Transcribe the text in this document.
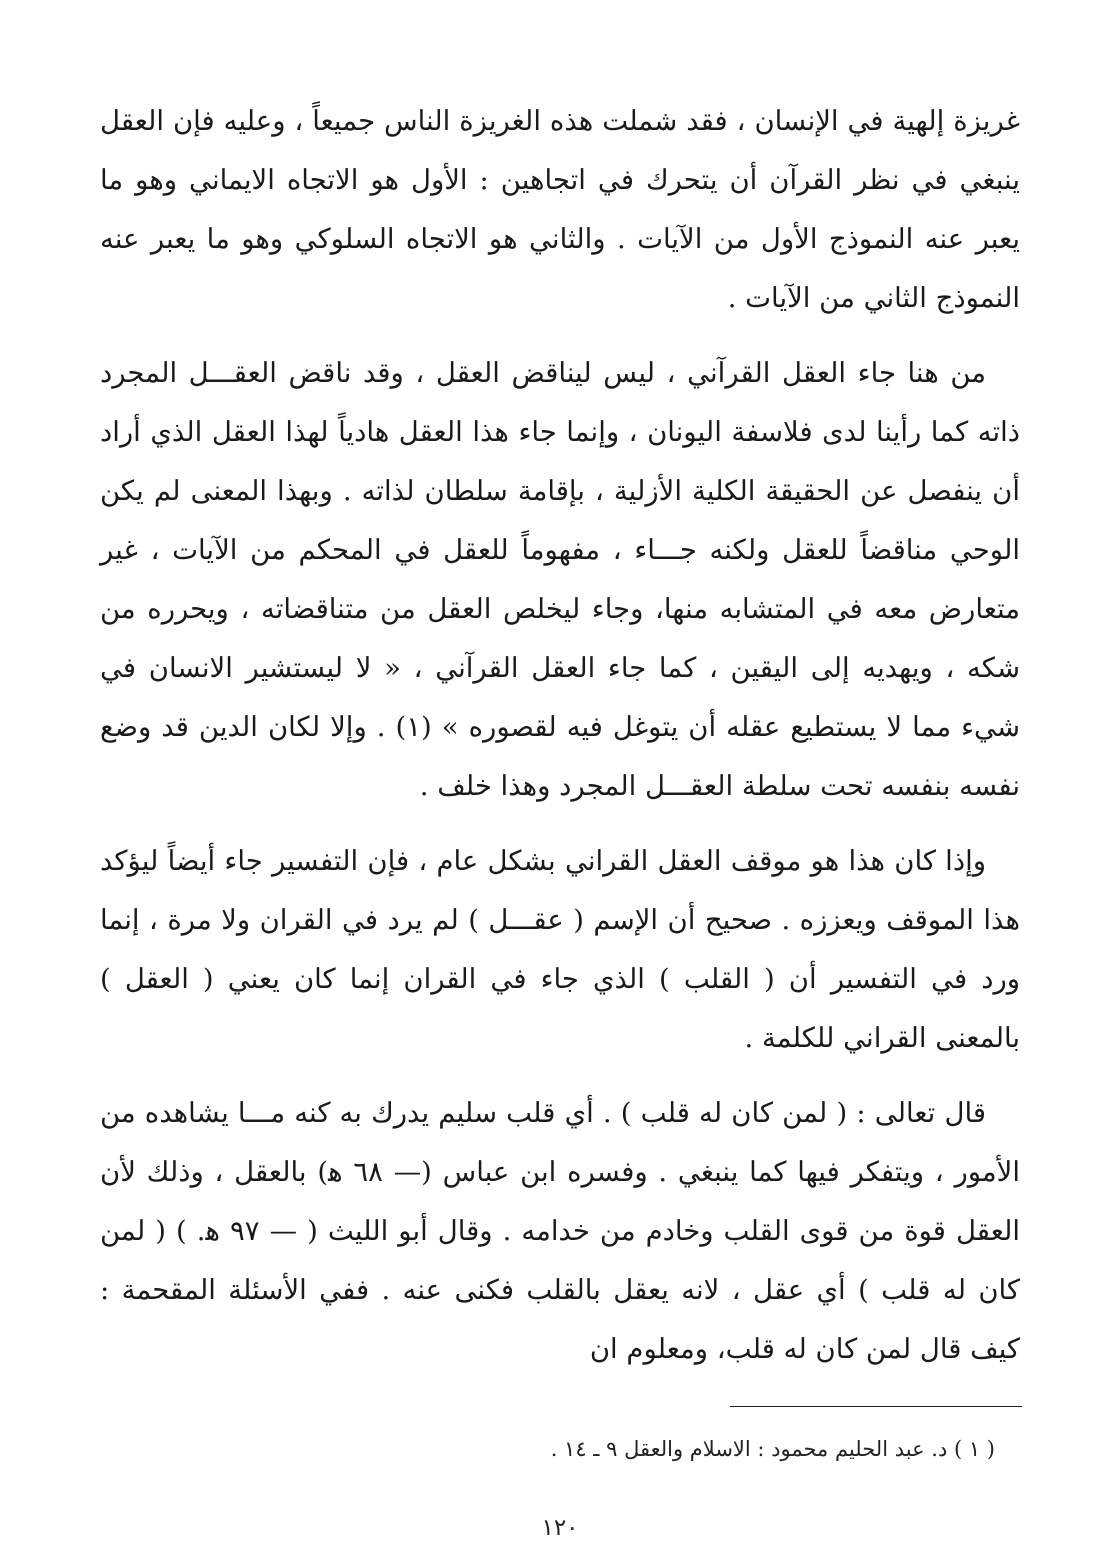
غريزة إلهية في الإنسان ، فقد شملت هذه الغريزة الناس جميعاً ، وعليه فإن العقل ينبغي في نظر القرآن أن يتحرك في اتجاهين : الأول هو الاتجاه الايماني وهو ما يعبر عنه النموذج الأول من الآيات . والثاني هو الاتجاه السلوكي وهو ما يعبر عنه النموذج الثاني من الآيات .

من هنا جاء العقل القرآني ، ليس ليناقض العقل ، وقد ناقض العقـــل المجرد ذاته كما رأينا لدى فلاسفة اليونان ، وإنما جاء هذا العقل هادياً لهذا العقل الذي أراد أن ينفصل عن الحقيقة الكلية الأزلية ، بإقامة سلطان لذاته . وبهذا المعنى لم يكن الوحي مناقضاً للعقل ولكنه جـــاء ، مفهوماً للعقل في المحكم من الآيات ، غير متعارض معه في المتشابه منها، وجاء ليخلص العقل من متناقضاته ، ويحرره من شكه ، ويهديه إلى اليقين ، كما جاء العقل القرآني ، « لا ليستشير الانسان في شيء مما لا يستطيع عقله أن يتوغل فيه لقصوره » (١) . وإلا لكان الدين قد وضع نفسه بنفسه تحت سلطة العقـــل المجرد وهذا خلف .

وإذا كان هذا هو موقف العقل القراني بشكل عام ، فإن التفسير جاء أيضاً ليؤكد هذا الموقف ويعززه . صحيح أن الإسم ( عقـــل ) لم يرد في القران ولا مرة ، إنما ورد في التفسير أن ( القلب ) الذي جاء في القران إنما كان يعني ( العقل ) بالمعنى القراني للكلمة .

قال تعالى : ( لمن كان له قلب ) . أي قلب سليم يدرك به كنه مـــا يشاهده من الأمور ، ويتفكر فيها كما ينبغي . وفسره ابن عباس (— ٦٨ ﻫ) بالعقل ، وذلك لأن العقل قوة من قوى القلب وخادم من خدامه . وقال أبو الليث ( — ٩٧ ﻫ. ) ( لمن كان له قلب ) أي عقل ، لانه يعقل بالقلب فكنى عنه . ففي الأسئلة المقحمة : كيف قال لمن كان له قلب، ومعلوم ان

( ١ ) د. عبد الحليم محمود : الاسلام والعقل ٩ ـ ١٤ .
١٢٠
